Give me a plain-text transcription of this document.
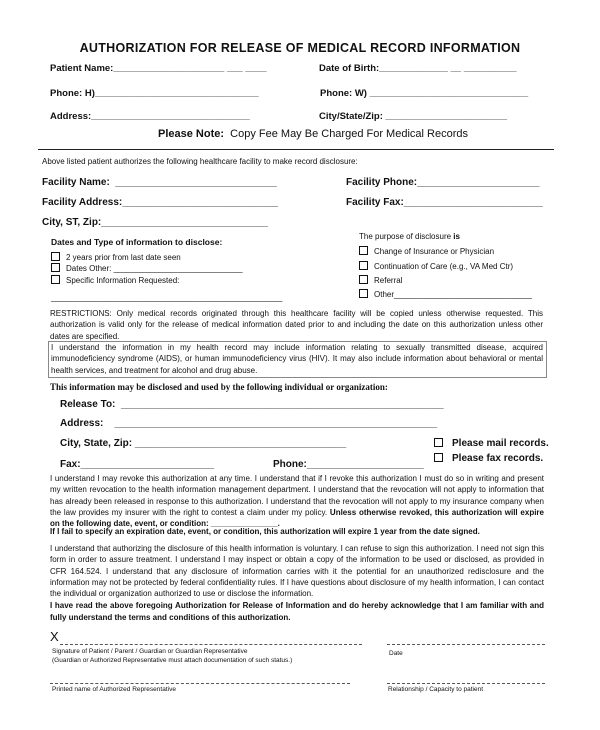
AUTHORIZATION FOR RELEASE OF MEDICAL RECORD INFORMATION
Patient Name:_____________________ ___ ____	Date of Birth:_____________ __ __________
Phone: H)_______________________________	Phone: W) ______________________________
Address:______________________________	City/State/Zip: _______________________
Please Note: Copy Fee May Be Charged For Medical Records
Above listed patient authorizes the following healthcare facility to make record disclosure:
Facility Name:  _____________________________	Facility Phone:______________________
Facility Address:____________________________	Facility Fax:_________________________
City, ST, Zip:______________________________
Dates and Type of information to disclose:
2 years prior from last date seen
Dates Other: _____________________________
Specific Information Requested:
____________________________________________________
The purpose of disclosure is
Change of Insurance or Physician
Continuation of Care (e.g., VA Med Ctr)
Referral
Other_______________________________
RESTRICTIONS: Only medical records originated through this healthcare facility will be copied unless otherwise requested. This authorization is valid only for the release of medical information dated prior to and including the date on this authorization unless other dates are specified.
I understand the information in my health record may include information relating to sexually transmitted disease, acquired immunodeficiency syndrome (AIDS), or human immunodeficiency virus (HIV). It may also include information about behavioral or mental health services, and treatment for alcohol and drug abuse.
This information may be disclosed and used by the following individual or organization:
Release To:  __________________________________________________________
Address:    __________________________________________________________
City, State, Zip: ______________________________________
Fax:________________________	Phone:_____________________
Please mail records.
Please fax records.
I understand I may revoke this authorization at any time. I understand that if I revoke this authorization I must do so in writing and present my written revocation to the health information management department. I understand that the revocation will not apply to information that has already been released in response to this authorization. I understand that the revocation will not apply to my insurance company when the law provides my insurer with the right to contest a claim under my policy. Unless otherwise revoked, this authorization will expire on the following date, event, or condition: _______________.
If I fail to specify an expiration date, event, or condition, this authorization will expire 1 year from the date signed.
I understand that authorizing the disclosure of this health information is voluntary. I can refuse to sign this authorization. I need not sign this form in order to assure treatment. I understand I may inspect or obtain a copy of the information to be used or disclosed, as provided in CFR 164.524. I understand that any disclosure of information carries with it the potential for an unauthorized redisclosure and the information may not be protected by federal confidentiality rules. If I have questions about disclosure of my health information, I can contact the individual or organization authorized to use or disclose the information.
I have read the above foregoing Authorization for Release of Information and do hereby acknowledge that I am familiar with and fully understand the terms and conditions of this authorization.
X
Signature of Patient / Parent / Guardian or Guardian Representative
(Guardian or Authorized Representative must attach documentation of such status.)
Date
Printed name of Authorized Representative	Relationship / Capacity to patient
